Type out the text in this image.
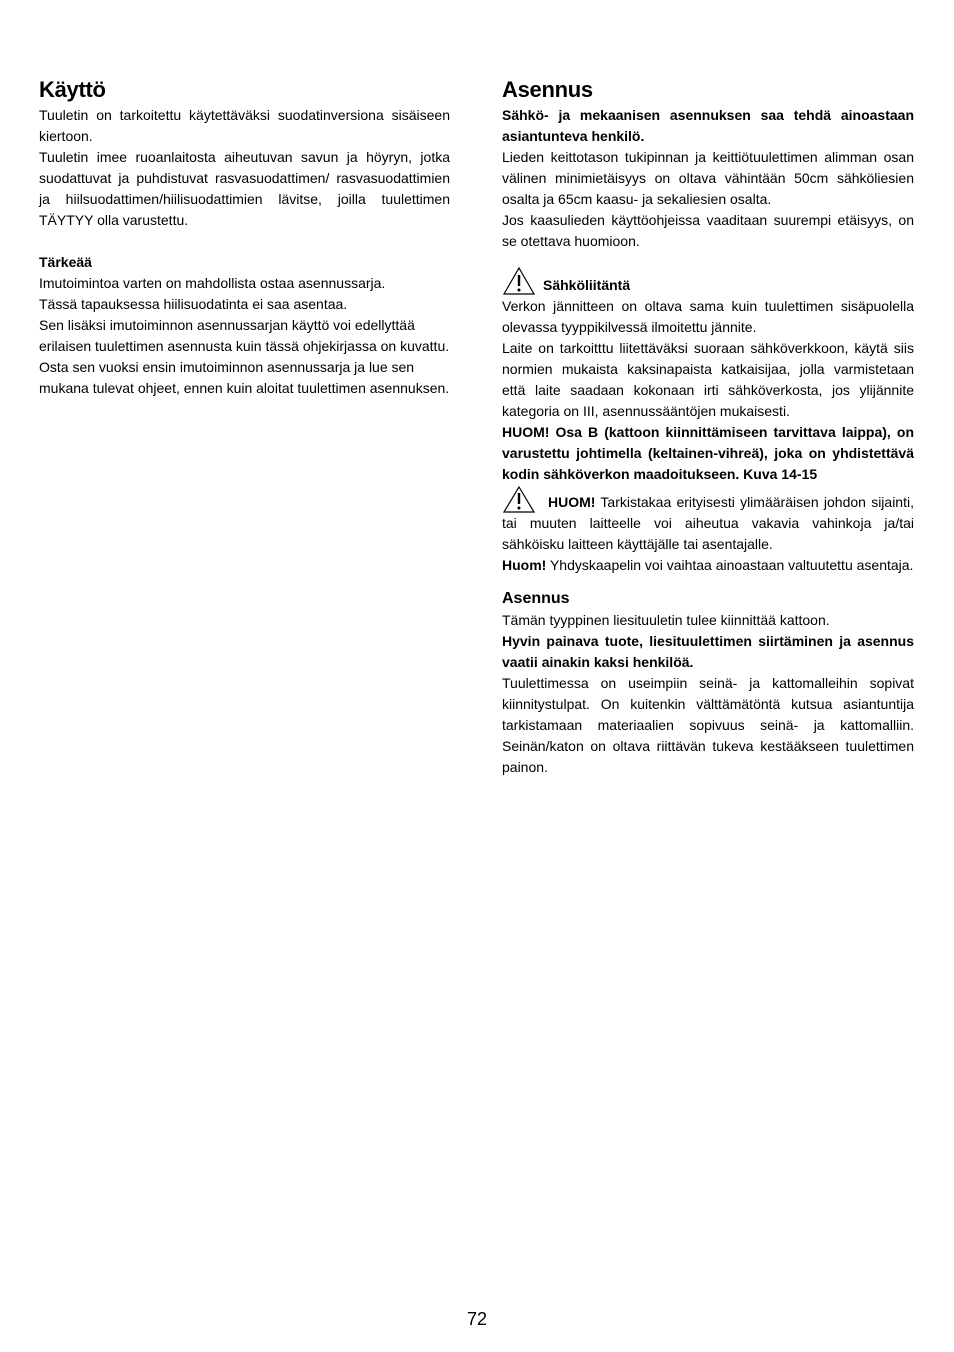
Käyttö

Tuuletin on tarkoitettu käytettäväksi suodatinversiona sisäiseen kiertoon.

Tuuletin imee ruoanlaitosta aiheutuvan savun ja höyryn, jotka suodattuvat ja puhdistuvat rasvasuodattimen/ rasvasuodattimien ja hiilsuodattimen/hiilisuodattimien lävitse, joilla tuulettimen TÄYTYY olla varustettu.

Tärkeää

Imutoimintoa varten on mahdollista ostaa asennussarja.

Tässä tapauksessa hiilisuodatinta ei saa asentaa.

Sen lisäksi imutoiminnon asennussarjan käyttö voi edellyttää erilaisen tuulettimen asennusta kuin tässä ohjekirjassa on kuvattu. Osta sen vuoksi ensin imutoiminnon asennussarja ja lue sen mukana tulevat ohjeet, ennen kuin aloitat tuulettimen asennuksen.

Asennus

Sähkö- ja mekaanisen asennuksen saa tehdä ainoastaan asiantunteva henkilö.

Lieden keittotason tukipinnan ja keittiötuulettimen alimman osan välinen minimietäisyys on oltava vähintään 50cm sähköliesien osalta ja 65cm kaasu- ja sekaliesien osalta.

Jos kaasulieden käyttöohjeissa vaaditaan suurempi etäisyys, on se otettava huomioon.

Sähköliitäntä

Verkon jännitteen on oltava sama kuin tuulettimen sisäpuolella olevassa tyyppikilvessä ilmoitettu jännite.

Laite on tarkoitttu liitettäväksi suoraan sähköverkkoon, käytä siis normien mukaista kaksinapaista katkaisijaa, jolla varmistetaan että laite saadaan kokonaan irti sähköverkosta, jos ylijännite kategoria on III, asennussääntöjen mukaisesti.

HUOM! Osa B (kattoon kiinnittämiseen tarvittava laippa), on varustettu johtimella (keltainen-vihreä), joka on yhdistettävä kodin sähköverkon maadoitukseen. Kuva 14-15

HUOM! Tarkistakaa erityisesti ylimääräisen johdon sijainti, tai muuten laitteelle voi aiheutua vakavia vahinkoja ja/tai sähköisku laitteen käyttäjälle tai asentajalle.

Huom! Yhdyskaapelin voi vaihtaa ainoastaan valtuutettu asentaja.

Asennus

Tämän tyyppinen liesituuletin tulee kiinnittää kattoon.

Hyvin painava tuote, liesituulettimen siirtäminen ja asennus vaatii ainakin kaksi henkilöä.

Tuulettimessa on useimpiin seinä- ja kattomalleihin sopivat kiinnitystulpat. On kuitenkin välttämätöntä kutsua asiantuntija tarkistamaan materiaalien sopivuus seinä- ja kattomalliin. Seinän/katon on oltava riittävän tukeva kestääkseen tuulettimen painon.

72
